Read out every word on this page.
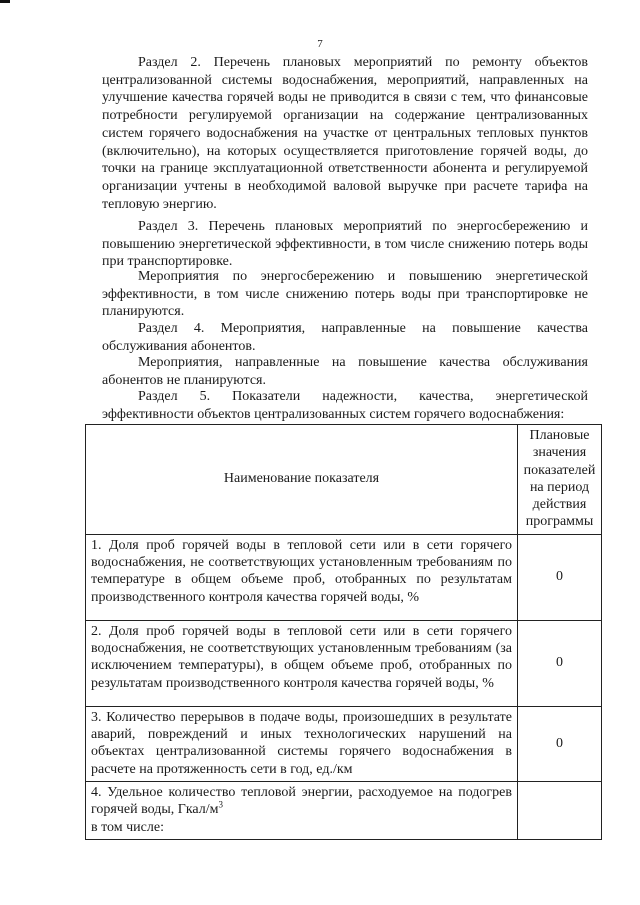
7

Раздел 2. Перечень плановых мероприятий по ремонту объектов централизованной системы водоснабжения, мероприятий, направленных на улучшение качества горячей воды не приводится в связи с тем, что финансовые потребности регулируемой организации на содержание централизованных систем горячего водоснабжения на участке от центральных тепловых пунктов (включительно), на которых осуществляется приготовление горячей воды, до точки на границе эксплуатационной ответственности абонента и регулируемой организации учтены в необходимой валовой выручке при расчете тарифа на тепловую энергию.

Раздел 3. Перечень плановых мероприятий по энергосбережению и повышению энергетической эффективности, в том числе снижению потерь воды при транспортировке.

Мероприятия по энергосбережению и повышению энергетической эффективности, в том числе снижению потерь воды при транспортировке не планируются.

Раздел 4. Мероприятия, направленные на повышение качества обслуживания абонентов.

Мероприятия, направленные на повышение качества обслуживания абонентов не планируются.

Раздел 5. Показатели надежности, качества, энергетической эффективности объектов централизованных систем горячего водоснабжения:

Наименование показателя	Плановые значения показателей на период действия программы
1. Доля проб горячей воды в тепловой сети или в сети горячего водоснабжения, не соответствующих установленным требованиям по температуре в общем объеме проб, отобранных по результатам производственного контроля качества горячей воды, %	0
2. Доля проб горячей воды в тепловой сети или в сети горячего водоснабжения, не соответствующих установленным требованиям (за исключением температуры), в общем объеме проб, отобранных по результатам производственного контроля качества горячей воды, %	0
3. Количество перерывов в подаче воды, произошедших в результате аварий, повреждений и иных технологических нарушений на объектах централизованной системы горячего водоснабжения в расчете на протяженность сети в год, ед./км	0
4. Удельное количество тепловой энергии, расходуемое на подогрев горячей воды, Гкал/$м^3$
в том числе:	
